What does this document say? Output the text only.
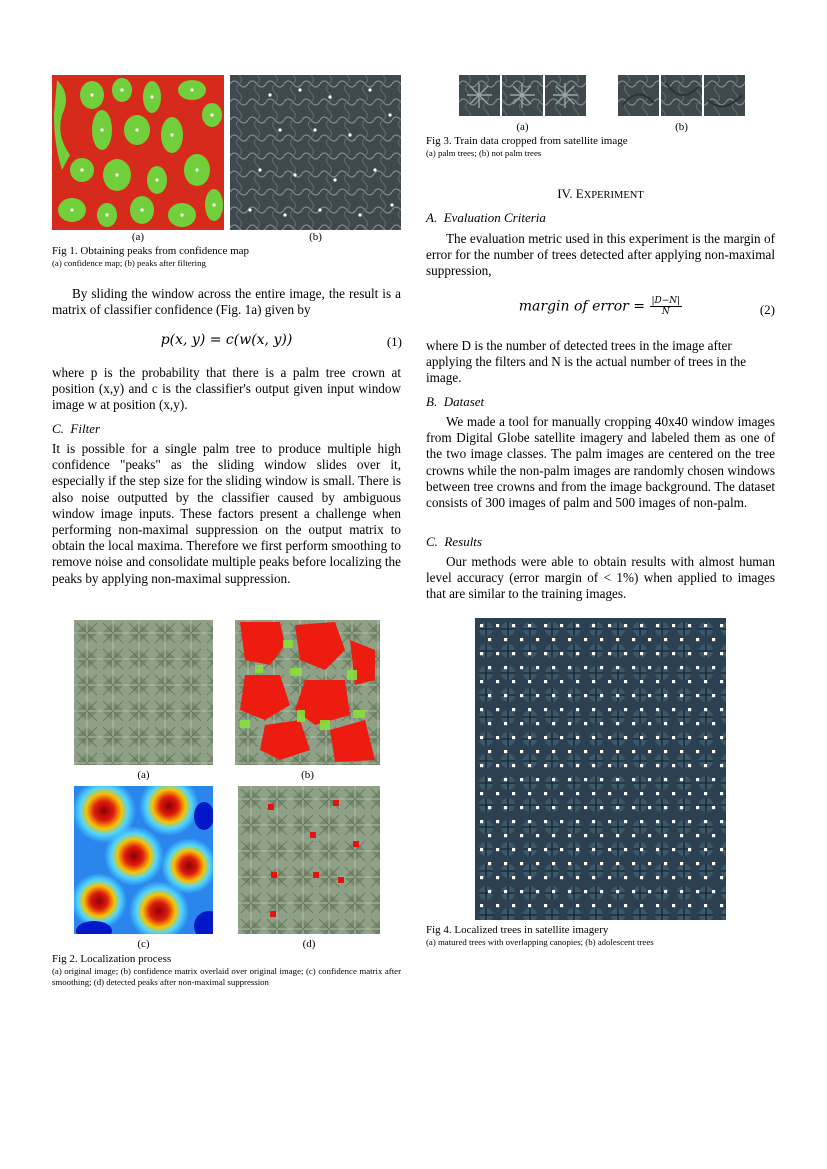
(a)	(b)
Fig 1. Obtaining peaks from confidence map
(a) confidence map; (b) peaks after filtering

By sliding the window across the entire image, the result is a matrix of classifier confidence (Fig. 1a) given by

p(x, y) = c(w(x, y))	(1)

where p is the probability that there is a palm tree crown at position (x,y) and c is the classifier's output given input window image w at position (x,y).

C. Filter

It is possible for a single palm tree to produce multiple high confidence "peaks" as the sliding window slides over it, especially if the step size for the sliding window is small. There is also noise outputted by the classifier caused by ambiguous window image inputs. These factors present a challenge when performing non-maximal suppression on the output matrix to obtain the local maxima. Therefore we first perform smoothing to remove noise and consolidate multiple peaks before localizing the peaks by applying non-maximal suppression.

(a)	(b)
(c)	(d)
Fig 2. Localization process
(a) original image; (b) confidence matrix overlaid over original image; (c) confidence matrix after smoothing; (d) detected peaks after non-maximal suppression
(a)	(b)
Fig 3. Train data cropped from satellite image
(a) palm trees; (b) not palm trees
IV. EXPERIMENT
A. Evaluation Criteria

The evaluation metric used in this experiment is the margin of error for the number of trees detected after applying non-maximal suppression,

margin of error = $\frac{|D-N|}{N}$	(2)

where D is the number of detected trees in the image after applying the filters and N is the actual number of trees in the image.

B. Dataset

We made a tool for manually cropping 40x40 window images from Digital Globe satellite imagery and labeled them as one of the two image classes. The palm images are centered on the tree crowns while the non-palm images are randomly chosen windows between tree crowns and from the image background. The dataset consists of 300 images of palm and 500 images of non-palm.

C. Results

Our methods were able to obtain results with almost human level accuracy (error margin of < 1%) when applied to images that are similar to the training images.

Fig 4. Localized trees in satellite imagery
(a) matured trees with overlapping canopies; (b) adolescent trees
